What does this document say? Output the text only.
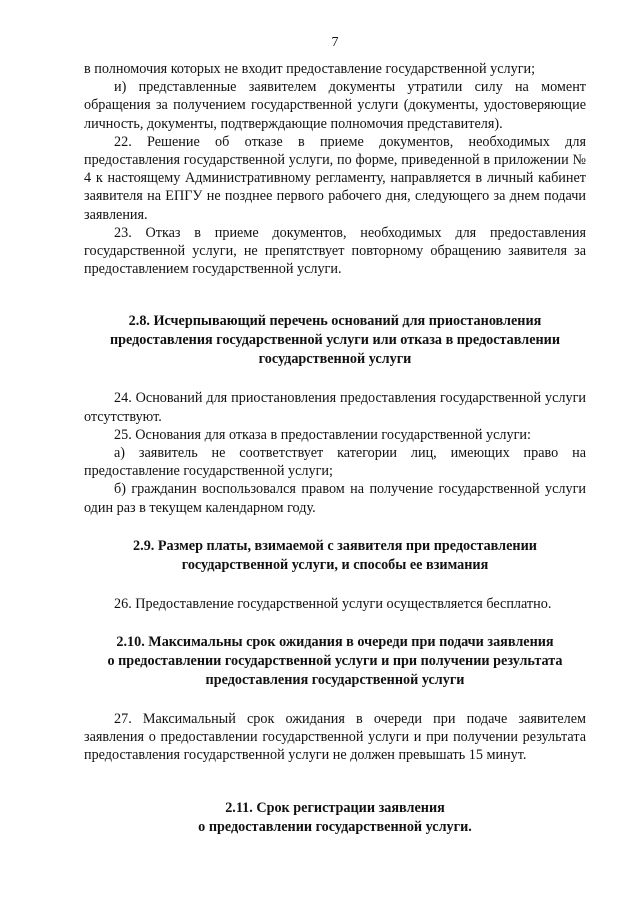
7

в полномочия которых не входит предоставление государственной услуги;

и) представленные заявителем документы утратили силу на момент обращения за получением государственной услуги (документы, удостоверяющие личность, документы, подтверждающие полномочия представителя).

22. Решение об отказе в приеме документов, необходимых для предоставления государственной услуги, по форме, приведенной в приложении № 4 к настоящему Административному регламенту, направляется в личный кабинет заявителя на ЕПГУ не позднее первого рабочего дня, следующего за днем подачи заявления.

23. Отказ в приеме документов, необходимых для предоставления государственной услуги, не препятствует повторному обращению заявителя за предоставлением государственной услуги.

2.8. Исчерпывающий перечень оснований для приостановления

предоставления государственной услуги или отказа в предоставлении

государственной услуги

24. Оснований для приостановления предоставления государственной услуги отсутствуют.

25. Основания для отказа в предоставлении государственной услуги:

а) заявитель не соответствует категории лиц, имеющих право на предоставление государственной услуги;

б) гражданин воспользовался правом на получение государственной услуги один раз в текущем календарном году.

2.9. Размер платы, взимаемой с заявителя при предоставлении

государственной услуги, и способы ее взимания

26. Предоставление государственной услуги осуществляется бесплатно.

2.10. Максимальны срок ожидания в очереди при подачи заявления

о предоставлении государственной услуги и при получении результата

предоставления государственной услуги

27. Максимальный срок ожидания в очереди при подаче заявителем заявления о предоставлении государственной услуги и при получении результата предоставления государственной услуги не должен превышать 15 минут.

2.11. Срок регистрации заявления

о предоставлении государственной услуги.
